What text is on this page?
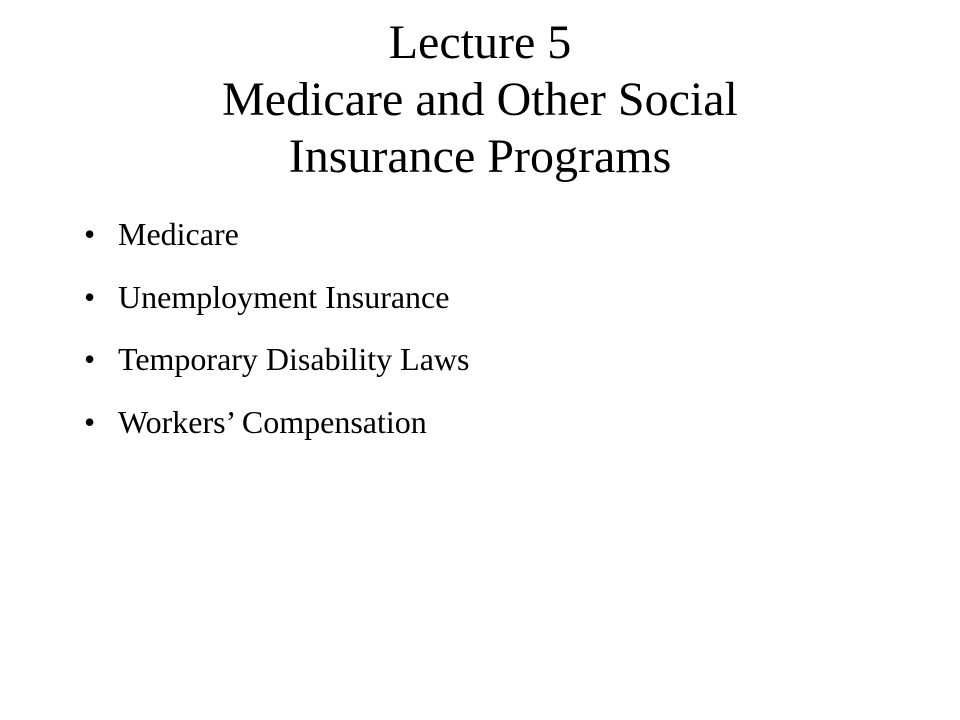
Lecture 5
Medicare and Other Social
Insurance Programs
• Medicare
• Unemployment Insurance
• Temporary Disability Laws
• Workers’ Compensation
